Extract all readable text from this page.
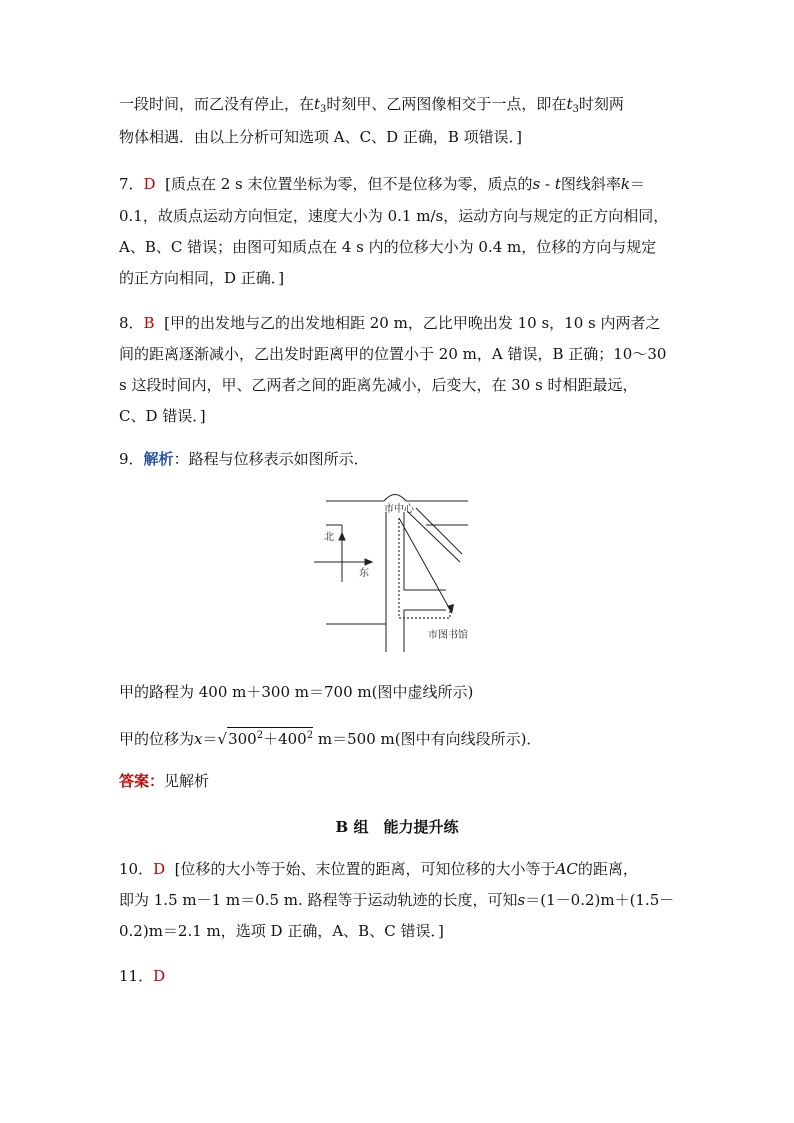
一段时间，而乙没有停止，在$t_3$时刻甲、乙两图像相交于一点，即在$t_3$时刻两
物体相遇．由以上分析可知选项 A、C、D 正确，B 项错误．]
7．D [质点在 2 s 末位置坐标为零，但不是位移为零，质点的s - t图线斜率k＝
0.1，故质点运动方向恒定，速度大小为 0.1 m/s，运动方向与规定的正方向相同，
A、B、C 错误；由图可知质点在 4 s 内的位移大小为 0.4 m，位移的方向与规定
的正方向相同，D 正确．]
8．B [甲的出发地与乙的出发地相距 20 m，乙比甲晚出发 10 s，10 s 内两者之
间的距离逐渐减小，乙出发时距离甲的位置小于 20 m，A 错误，B 正确；10～30
s 这段时间内，甲、乙两者之间的距离先减小，后变大，在 30 s 时相距最远，
C、D 错误．]
9．解析：路程与位移表示如图所示．
市中心
北
东
市图书馆
甲的路程为 400 m＋300 m＝700 m(图中虚线所示)
甲的位移为$x=√300^2+400^2$ m＝500 m(图中有向线段所示)．
答案：见解析
B 组　能力提升练
10．D [位移的大小等于始、末位置的距离，可知位移的大小等于AC的距离，
即为 1.5 m－1 m＝0.5 m. 路程等于运动轨迹的长度，可知s＝(1－0.2)m＋(1.5－
0.2)m＝2.1 m，选项 D 正确，A、B、C 错误．]
11．D
